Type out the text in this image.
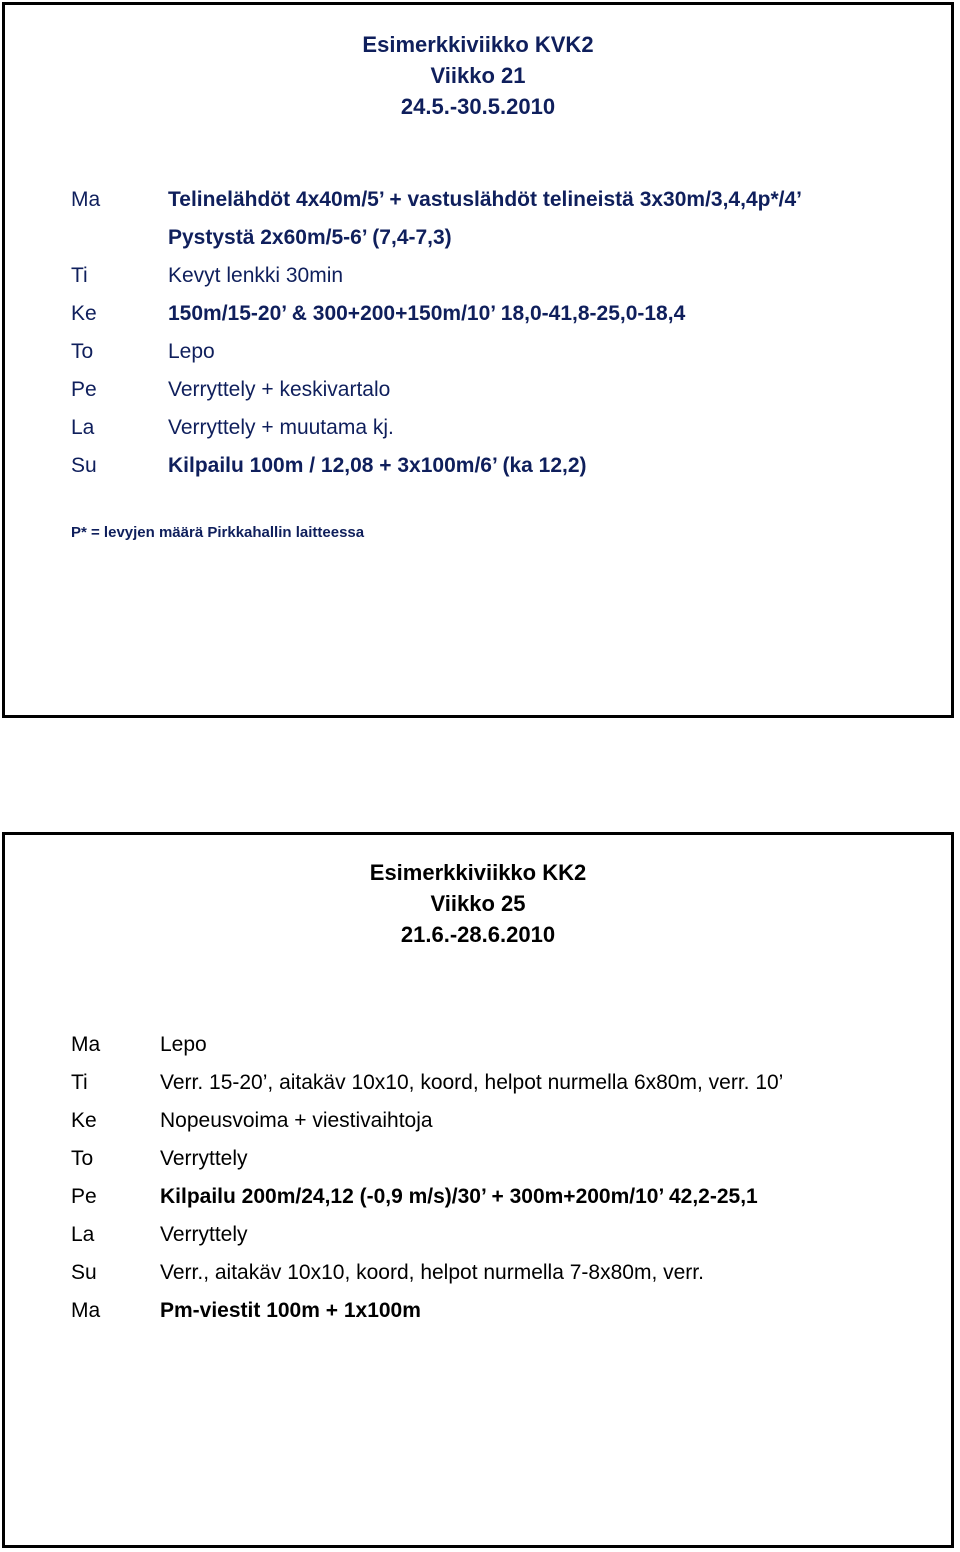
Esimerkkiviikko KVK2
Viikko 21
24.5.-30.5.2010
Ma	Telinelähdöt 4x40m/5’ + vastuslähdöt telineistä 3x30m/3,4,4p*/4’
Pystystä 2x60m/5-6’ (7,4-7,3)
Ti	Kevyt lenkki 30min
Ke	150m/15-20’ & 300+200+150m/10’ 18,0-41,8-25,0-18,4
To	Lepo
Pe	Verryttely + keskivartalo
La	Verryttely + muutama kj.
Su	Kilpailu 100m / 12,08 + 3x100m/6’ (ka 12,2)
P* = levyjen määrä Pirkkahallin laitteessa
Esimerkkiviikko KK2
Viikko 25
21.6.-28.6.2010
Ma	Lepo
Ti	Verr. 15-20’, aitakäv 10x10, koord, helpot nurmella 6x80m, verr. 10’
Ke	Nopeusvoima + viestivaihtoja
To	Verryttely
Pe	Kilpailu 200m/24,12 (-0,9 m/s)/30’ + 300m+200m/10’ 42,2-25,1
La	Verryttely
Su	Verr., aitakäv 10x10, koord, helpot nurmella 7-8x80m, verr.
Ma	Pm-viestit 100m + 1x100m
